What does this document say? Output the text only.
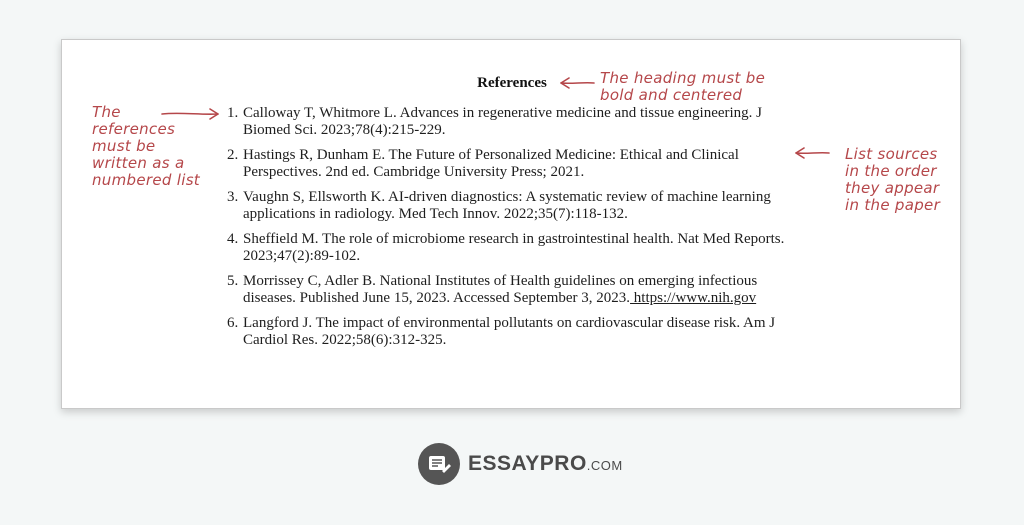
References
1. Calloway T, Whitmore L. Advances in regenerative medicine and tissue engineering. J Biomed Sci. 2023;78(4):215-229.
2. Hastings R, Dunham E. The Future of Personalized Medicine: Ethical and Clinical Perspectives. 2nd ed. Cambridge University Press; 2021.
3. Vaughn S, Ellsworth K. AI-driven diagnostics: A systematic review of machine learning applications in radiology. Med Tech Innov. 2022;35(7):118-132.
4. Sheffield M. The role of microbiome research in gastrointestinal health. Nat Med Reports. 2023;47(2):89-102.
5. Morrissey C, Adler B. National Institutes of Health guidelines on emerging infectious diseases. Published June 15, 2023. Accessed September 3, 2023. https://www.nih.gov
6. Langford J. The impact of environmental pollutants on cardiovascular disease risk. Am J Cardiol Res. 2022;58(6):312-325.
The references must be written as a numbered list
The heading must be bold and centered
List sources in the order they appear in the paper
ESSAYPRO.COM
